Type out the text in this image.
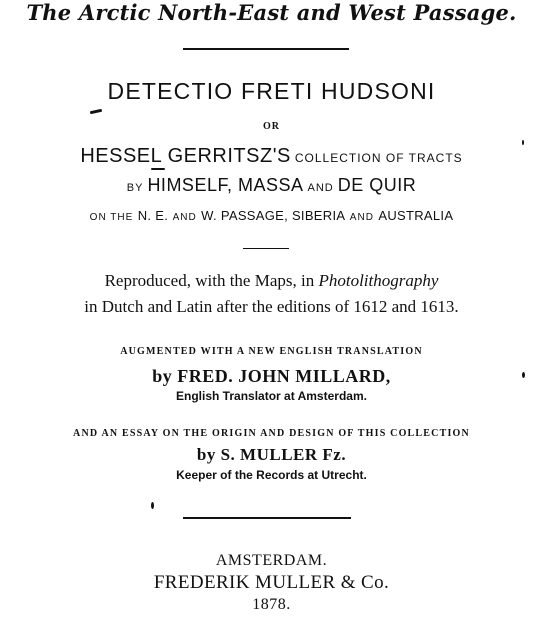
The Arctic North-East and West Passage.
DETECTIO FRETI HUDSONI
OR
HESSEL GERRITSZ'S COLLECTION OF TRACTS
BY HIMSELF, MASSA AND DE QUIR
ON THE N. E. AND W. PASSAGE, SIBERIA AND AUSTRALIA
Reproduced, with the Maps, in Photolithography
in Dutch and Latin after the editions of 1612 and 1613.
AUGMENTED WITH A NEW ENGLISH TRANSLATION
by FRED. JOHN MILLARD,
English Translator at Amsterdam.
AND AN ESSAY ON THE ORIGIN AND DESIGN OF THIS COLLECTION
by S. MULLER Fz.
Keeper of the Records at Utrecht.
AMSTERDAM.
FREDERIK MULLER & Co.
1878.
